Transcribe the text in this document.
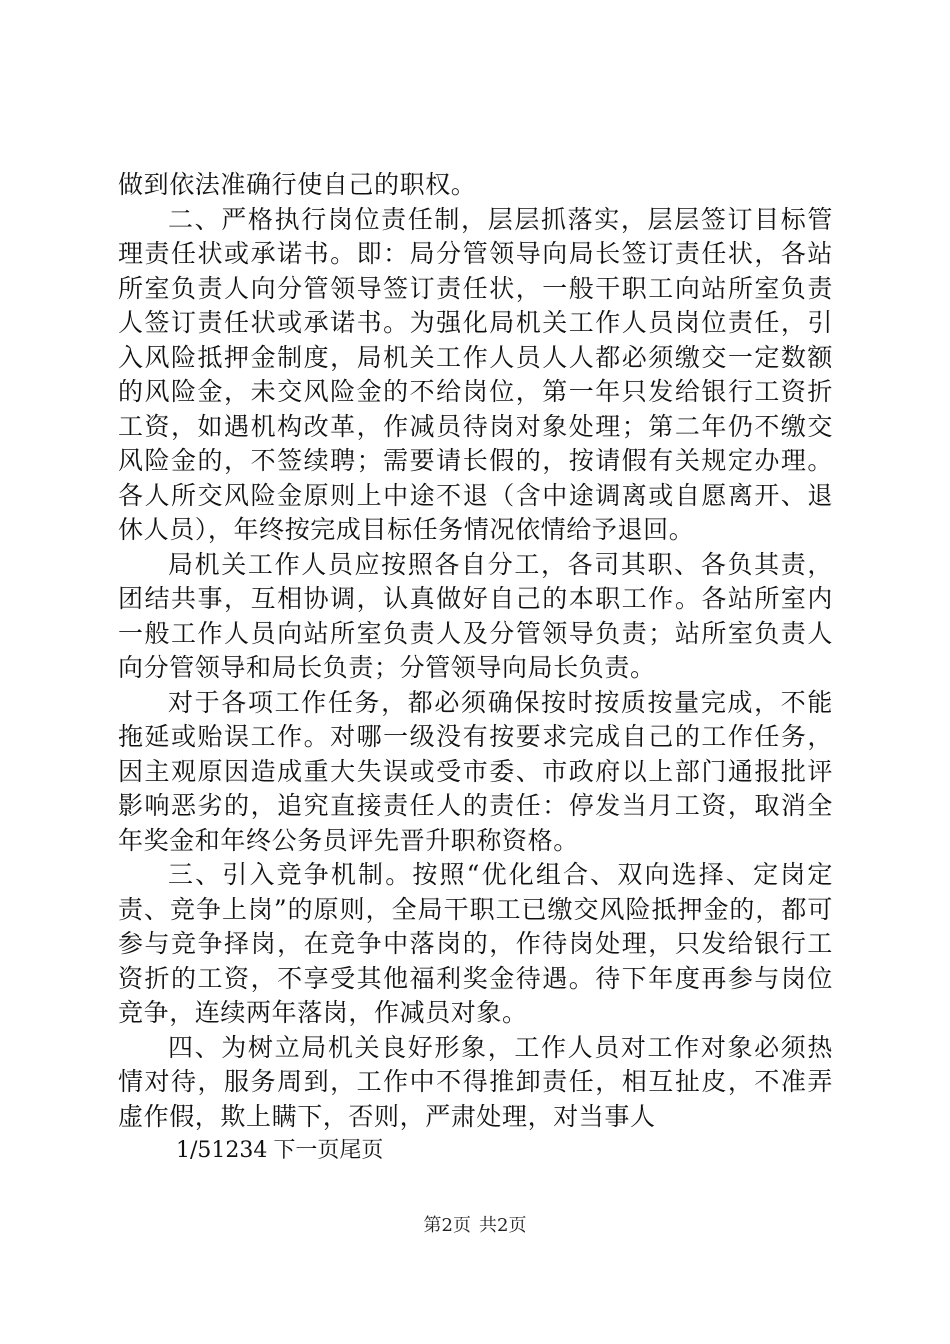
做到依法准确行使自己的职权。

二、严格执行岗位责任制，层层抓落实，层层签订目标管理责任状或承诺书。即：局分管领导向局长签订责任状，各站所室负责人向分管领导签订责任状，一般干职工向站所室负责人签订责任状或承诺书。为强化局机关工作人员岗位责任，引入风险抵押金制度，局机关工作人员人人都必须缴交一定数额的风险金，未交风险金的不给岗位，第一年只发给银行工资折工资，如遇机构改革，作减员待岗对象处理；第二年仍不缴交风险金的，不签续聘；需要请长假的，按请假有关规定办理。各人所交风险金原则上中途不退（含中途调离或自愿离开、退休人员），年终按完成目标任务情况依情给予退回。

局机关工作人员应按照各自分工，各司其职、各负其责，团结共事，互相协调，认真做好自己的本职工作。各站所室内一般工作人员向站所室负责人及分管领导负责；站所室负责人向分管领导和局长负责；分管领导向局长负责。

对于各项工作任务，都必须确保按时按质按量完成，不能拖延或贻误工作。对哪一级没有按要求完成自己的工作任务，因主观原因造成重大失误或受市委、市政府以上部门通报批评影响恶劣的，追究直接责任人的责任：停发当月工资，取消全年奖金和年终公务员评先晋升职称资格。

三、引入竞争机制。按照“优化组合、双向选择、定岗定责、竞争上岗”的原则，全局干职工已缴交风险抵押金的，都可参与竞争择岗，在竞争中落岗的，作待岗处理，只发给银行工资折的工资，不享受其他福利奖金待遇。待下年度再参与岗位竞争，连续两年落岗，作减员对象。

四、为树立局机关良好形象，工作人员对工作对象必须热情对待，服务周到，工作中不得推卸责任，相互扯皮，不准弄虚作假，欺上瞒下，否则，严肃处理，对当事人

1/51234 下一页尾页

第2页 共2页
